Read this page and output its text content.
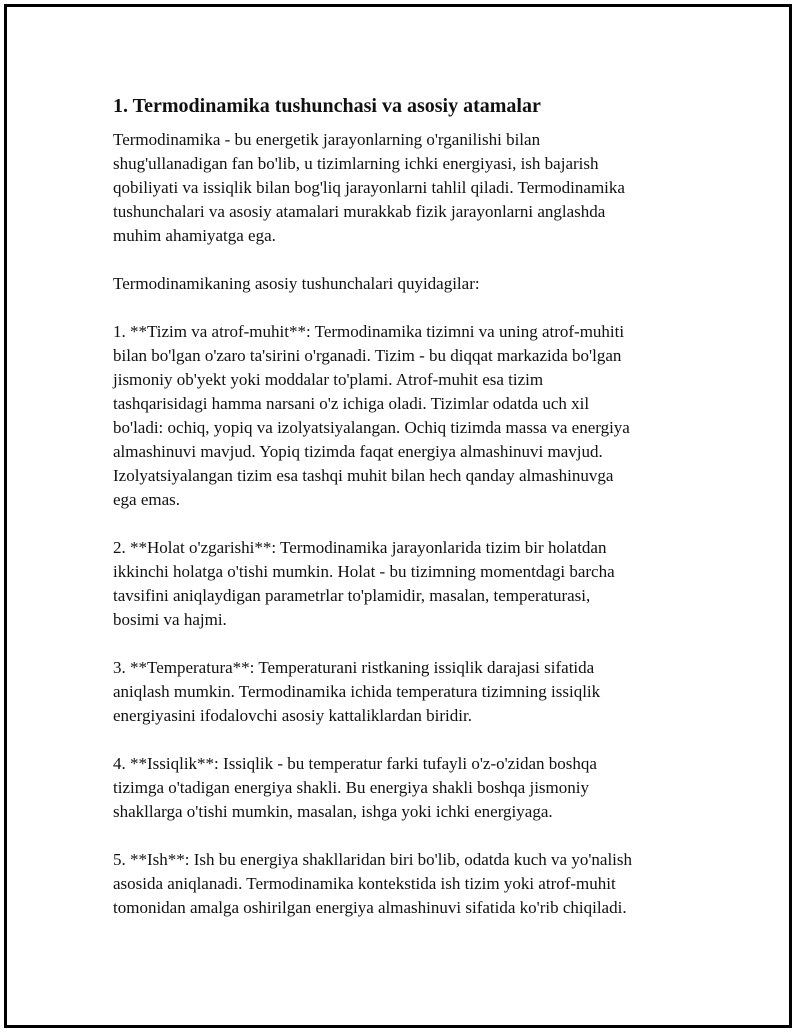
1. Termodinamika tushunchasi va asosiy atamalar

Termodinamika - bu energetik jarayonlarning o'rganilishi bilan
shug'ullanadigan fan bo'lib, u tizimlarning ichki energiyasi, ish bajarish
qobiliyati va issiqlik bilan bog'liq jarayonlarni tahlil qiladi. Termodinamika
tushunchalari va asosiy atamalari murakkab fizik jarayonlarni anglashda
muhim ahamiyatga ega.

Termodinamikaning asosiy tushunchalari quyidagilar:

1. **Tizim va atrof-muhit**: Termodinamika tizimni va uning atrof-muhiti
bilan bo'lgan o'zaro ta'sirini o'rganadi. Tizim - bu diqqat markazida bo'lgan
jismoniy ob'yekt yoki moddalar to'plami. Atrof-muhit esa tizim
tashqarisidagi hamma narsani o'z ichiga oladi. Tizimlar odatda uch xil
bo'ladi: ochiq, yopiq va izolyatsiyalangan. Ochiq tizimda massa va energiya
almashinuvi mavjud. Yopiq tizimda faqat energiya almashinuvi mavjud.
Izolyatsiyalangan tizim esa tashqi muhit bilan hech qanday almashinuvga
ega emas.

2. **Holat o'zgarishi**: Termodinamika jarayonlarida tizim bir holatdan
ikkinchi holatga o'tishi mumkin. Holat - bu tizimning momentdagi barcha
tavsifini aniqlaydigan parametrlar to'plamidir, masalan, temperaturasi,
bosimi va hajmi.

3. **Temperatura**: Temperaturani ristkaning issiqlik darajasi sifatida
aniqlash mumkin. Termodinamika ichida temperatura tizimning issiqlik
energiyasini ifodalovchi asosiy kattaliklardan biridir.

4. **Issiqlik**: Issiqlik - bu temperatur farki tufayli o'z-o'zidan boshqa
tizimga o'tadigan energiya shakli. Bu energiya shakli boshqa jismoniy
shakllarga o'tishi mumkin, masalan, ishga yoki ichki energiyaga.

5. **Ish**: Ish bu energiya shakllaridan biri bo'lib, odatda kuch va yo'nalish
asosida aniqlanadi. Termodinamika kontekstida ish tizim yoki atrof-muhit
tomonidan amalga oshirilgan energiya almashinuvi sifatida ko'rib chiqiladi.
